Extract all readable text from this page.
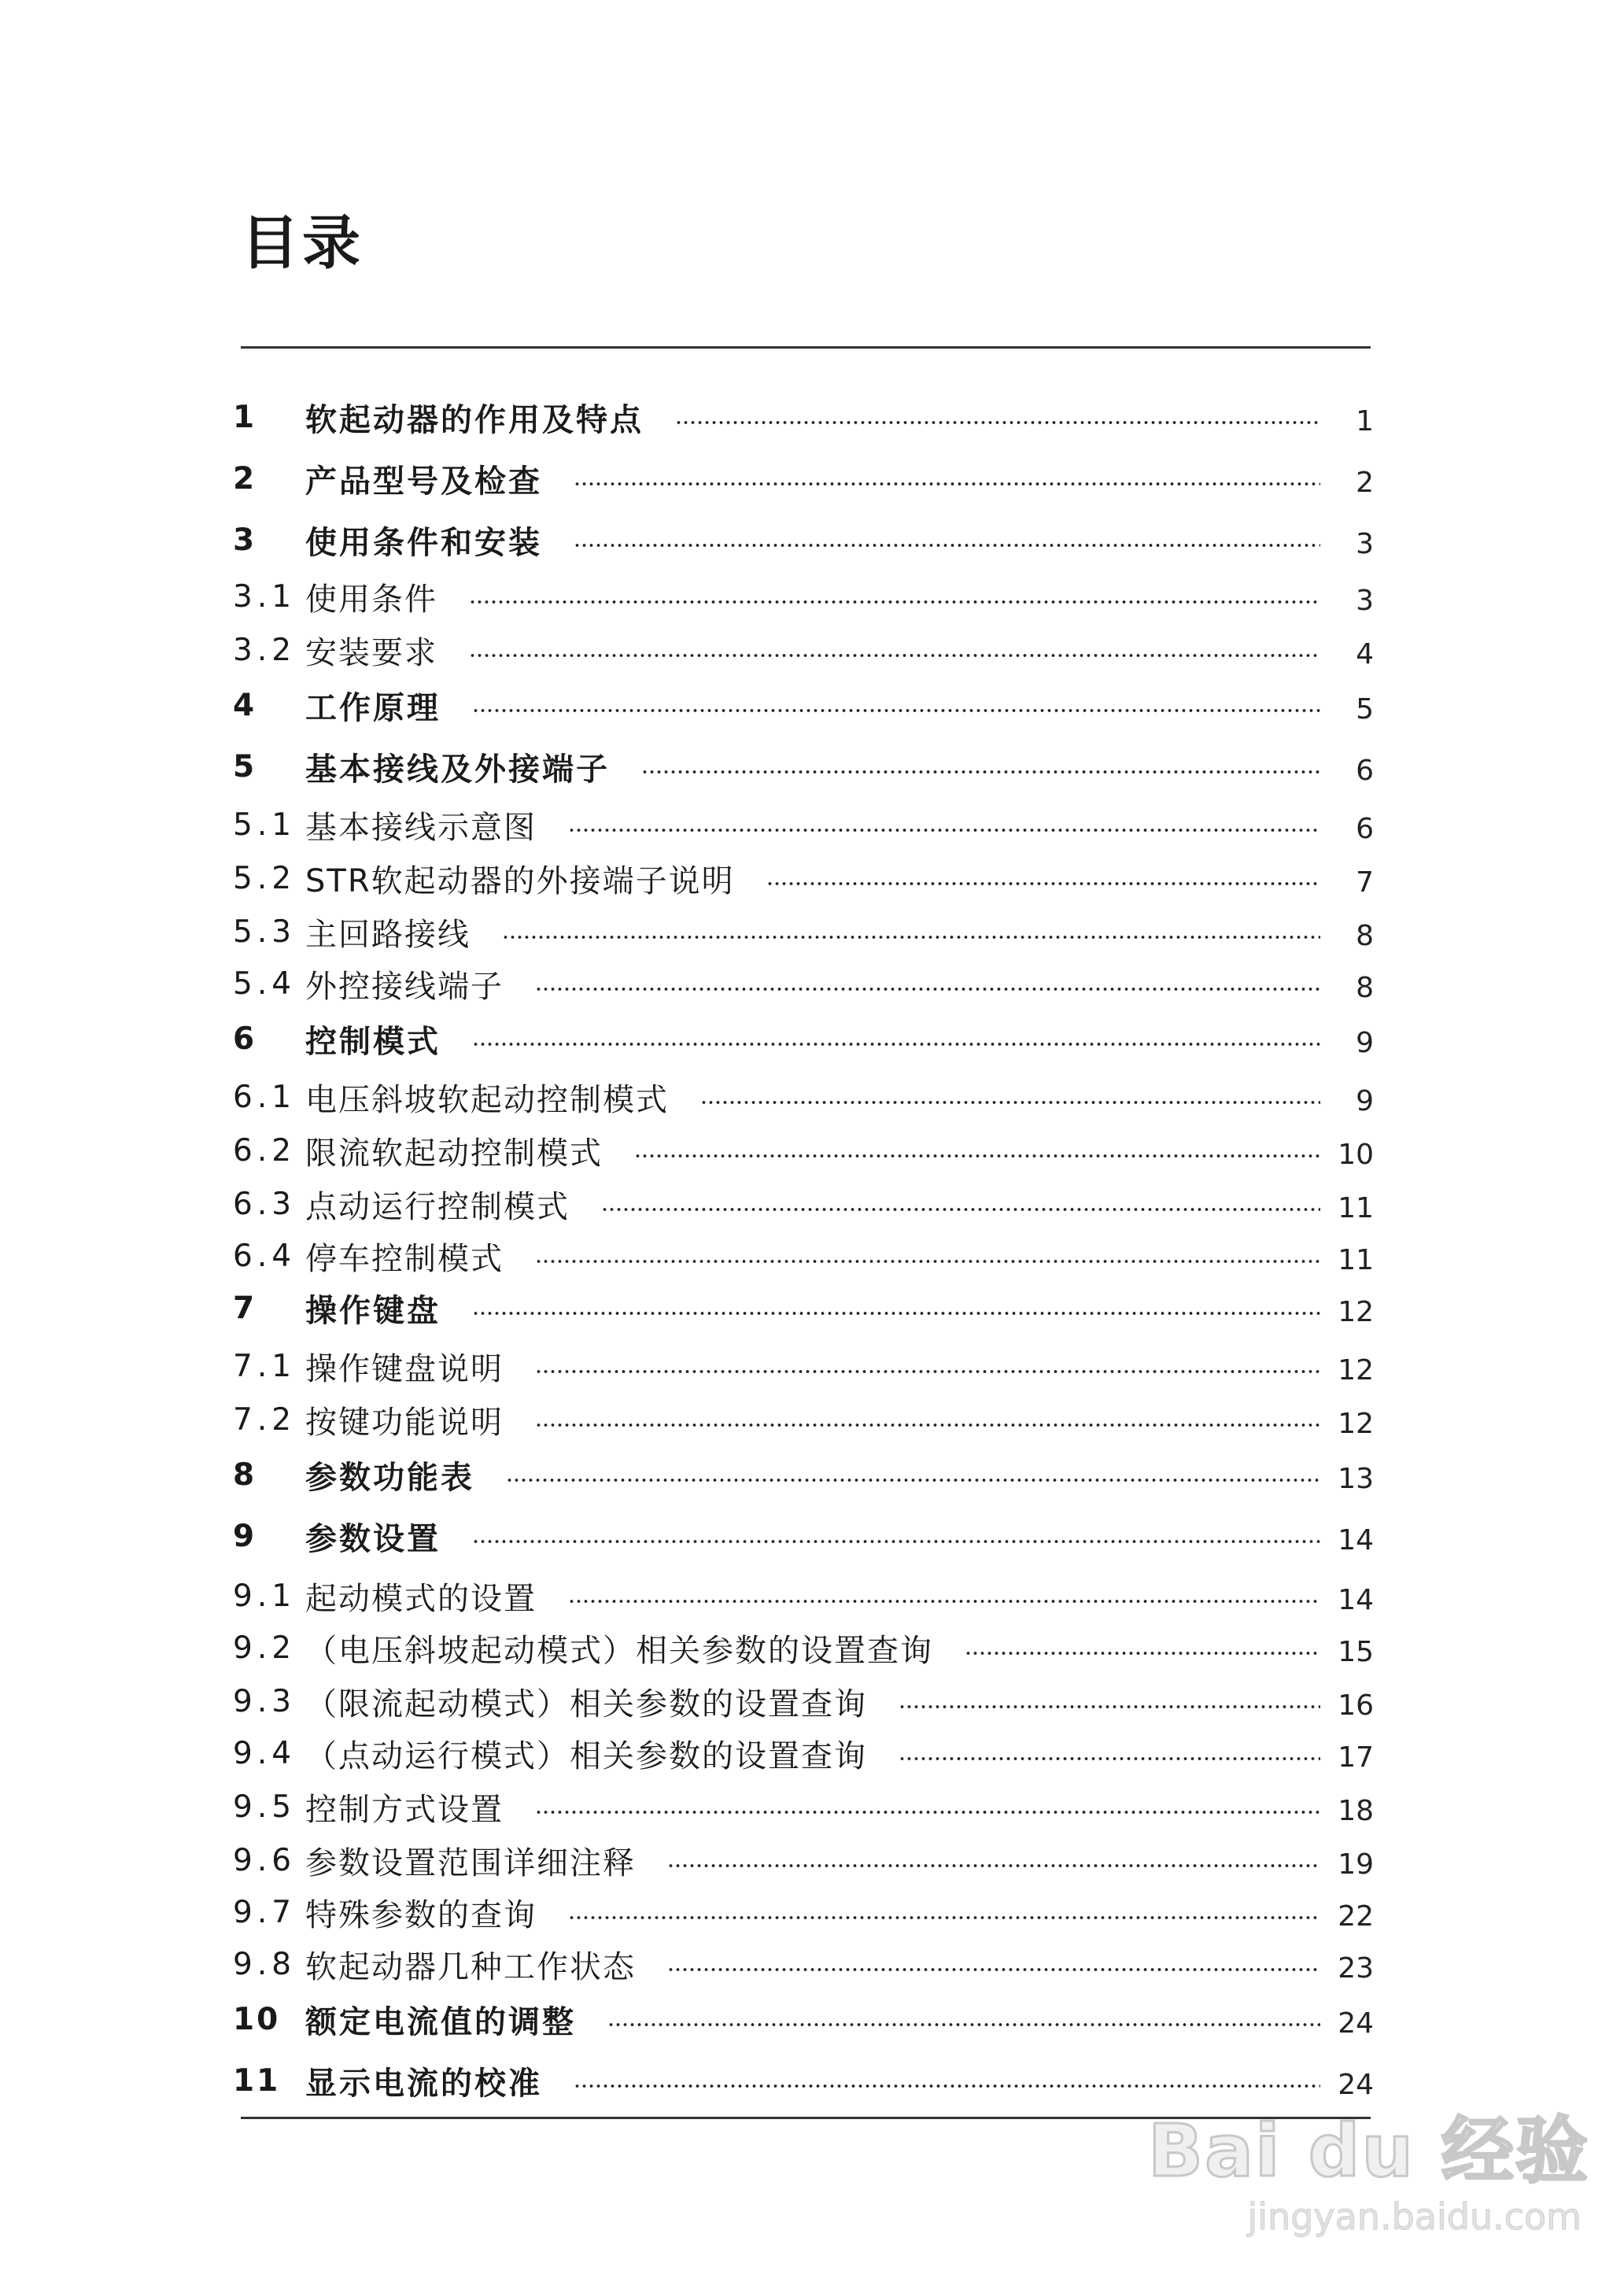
目录
1	软起动器的作用及特点	1
2	产品型号及检查	2
3	使用条件和安装	3
3.1 使用条件	3
3.2 安装要求	4
4	工作原理	5
5	基本接线及外接端子	6
5.1 基本接线示意图	6
5.2 STR软起动器的外接端子说明	7
5.3 主回路接线	8
5.4 外控接线端子	8
6	控制模式	9
6.1 电压斜坡软起动控制模式	9
6.2 限流软起动控制模式	10
6.3 点动运行控制模式	11
6.4 停车控制模式	11
7	操作键盘	12
7.1 操作键盘说明	12
7.2 按键功能说明	12
8	参数功能表	13
9	参数设置	14
9.1 起动模式的设置	14
9.2 （电压斜坡起动模式）相关参数的设置查询	15
9.3 （限流起动模式）相关参数的设置查询	16
9.4 （点动运行模式）相关参数的设置查询	17
9.5 控制方式设置	18
9.6 参数设置范围详细注释	19
9.7 特殊参数的查询	22
9.8 软起动器几种工作状态	23
10 额定电流值的调整	24
11 显示电流的校准	24
Bai du 经验
jingyan.baidu.com
